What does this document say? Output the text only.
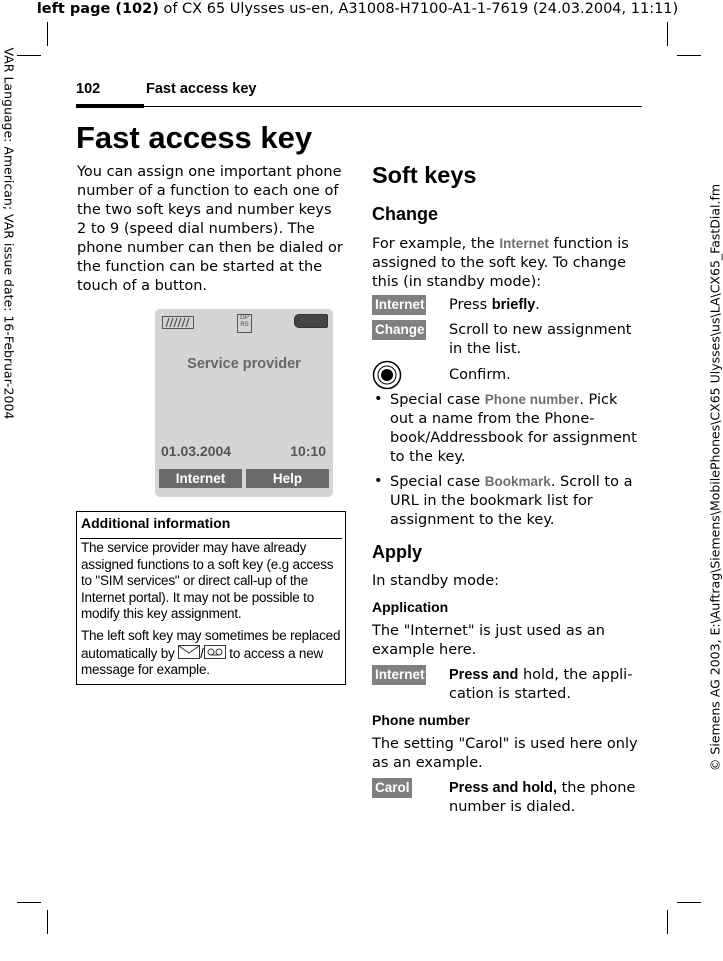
left page (102) of CX 65 Ulysses us-en, A31008-H7100-A1-1-7619 (24.03.2004, 11:11)
VAR Language: American; VAR issue date: 16-Februar-2004	© Siemens AG 2003, E:\Auftrag\Siemens\MobilePhones\CX65 Ulysses\us\LA\CX65_FastDial.fm
102	Fast access key
Fast access key
You can assign one important phone number of a function to each one of the two soft keys and number keys 2 to 9 (speed dial numbers). The phone number can then be dialed or the function can be started at the touch of a button.
GP
RS
Service provider
01.03.2004	10:10
Internet	Help
Additional information
The service provider may have already assigned functions to a soft key (e.g access to "SIM services" or direct call-up of the Internet portal). It may not be possible to modify this key assignment.
The left soft key may sometimes be replaced automatically by / to access a new message for example.
Soft keys
Change
For example, the Internet function is assigned to the soft key. To change this (in standby mode):
Internet Press briefly.
Change Scroll to new assignment in the list.
Confirm.
• Special case Phone number. Pick out a name from the Phone-book/Addressbook for assignment to the key.
• Special case Bookmark. Scroll to a URL in the bookmark list for assignment to the key.
Apply
In standby mode:
Application
The "Internet" is just used as an example here.
Internet Press and hold, the appli-cation is started.
Phone number
The setting "Carol" is used here only as an example.
Carol	Press and hold, the phone number is dialed.
